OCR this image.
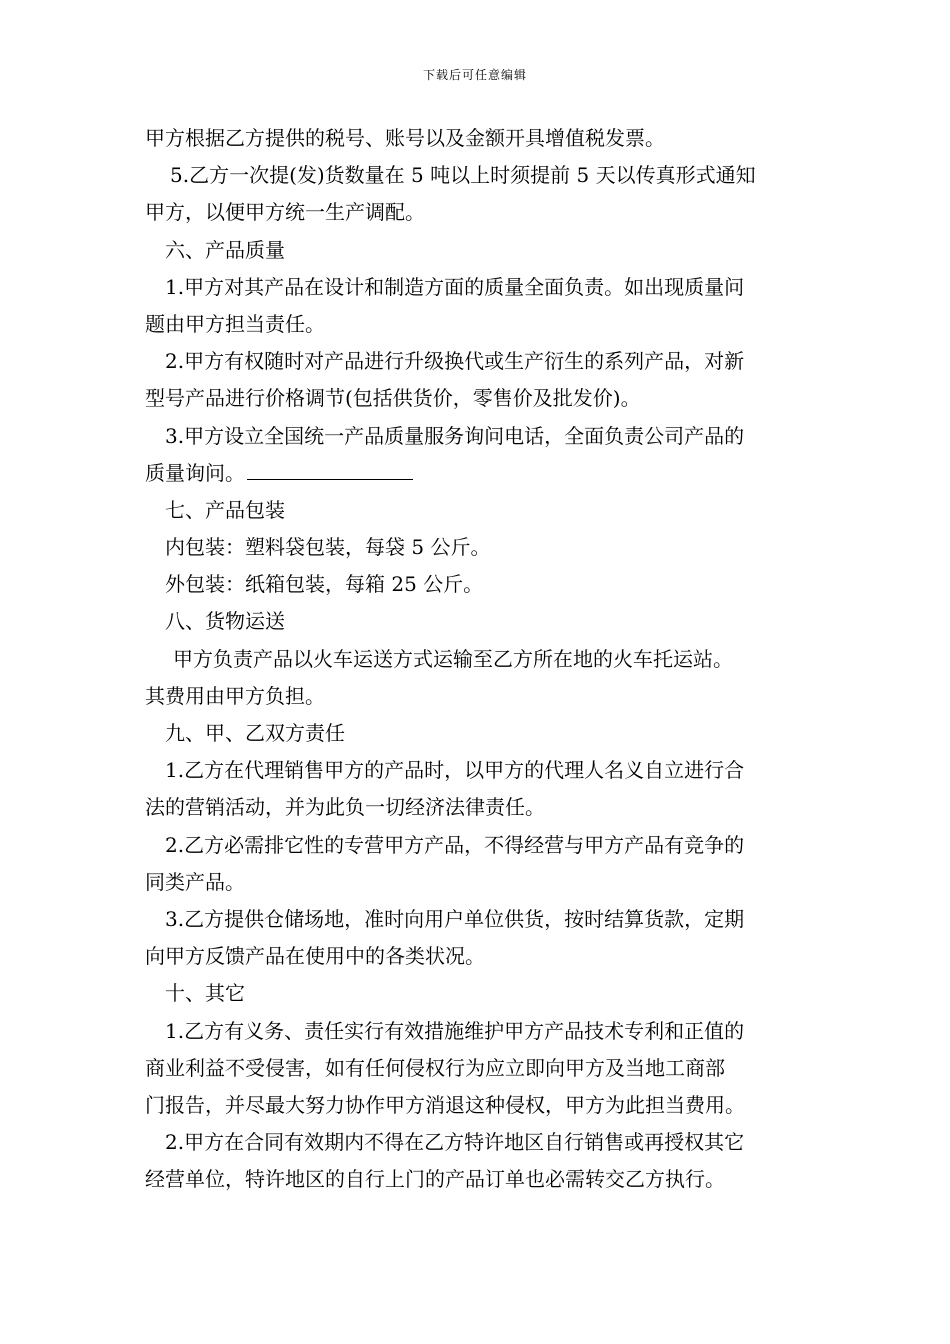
下载后可任意编辑
甲方根据乙方提供的税号、账号以及金额开具增值税发票。
5.乙方一次提(发)货数量在 5 吨以上时须提前 5 天以传真形式通知
甲方，以便甲方统一生产调配。
六、产品质量
1.甲方对其产品在设计和制造方面的质量全面负责。如出现质量问
题由甲方担当责任。
2.甲方有权随时对产品进行升级换代或生产衍生的系列产品，对新
型号产品进行价格调节(包括供货价，零售价及批发价)。
3.甲方设立全国统一产品质量服务询问电话，全面负责公司产品的
质量询问。
七、产品包装
内包装：塑料袋包装，每袋 5 公斤。
外包装：纸箱包装，每箱 25 公斤。
八、货物运送
甲方负责产品以火车运送方式运输至乙方所在地的火车托运站。
其费用由甲方负担。
九、甲、乙双方责任
1.乙方在代理销售甲方的产品时，以甲方的代理人名义自立进行合
法的营销活动，并为此负一切经济法律责任。
2.乙方必需排它性的专营甲方产品，不得经营与甲方产品有竞争的
同类产品。
3.乙方提供仓储场地，准时向用户单位供货，按时结算货款，定期
向甲方反馈产品在使用中的各类状况。
十、其它
1.乙方有义务、责任实行有效措施维护甲方产品技术专利和正值的
商业利益不受侵害，如有任何侵权行为应立即向甲方及当地工商部
门报告，并尽最大努力协作甲方消退这种侵权，甲方为此担当费用。
2.甲方在合同有效期内不得在乙方特许地区自行销售或再授权其它
经营单位，特许地区的自行上门的产品订单也必需转交乙方执行。
